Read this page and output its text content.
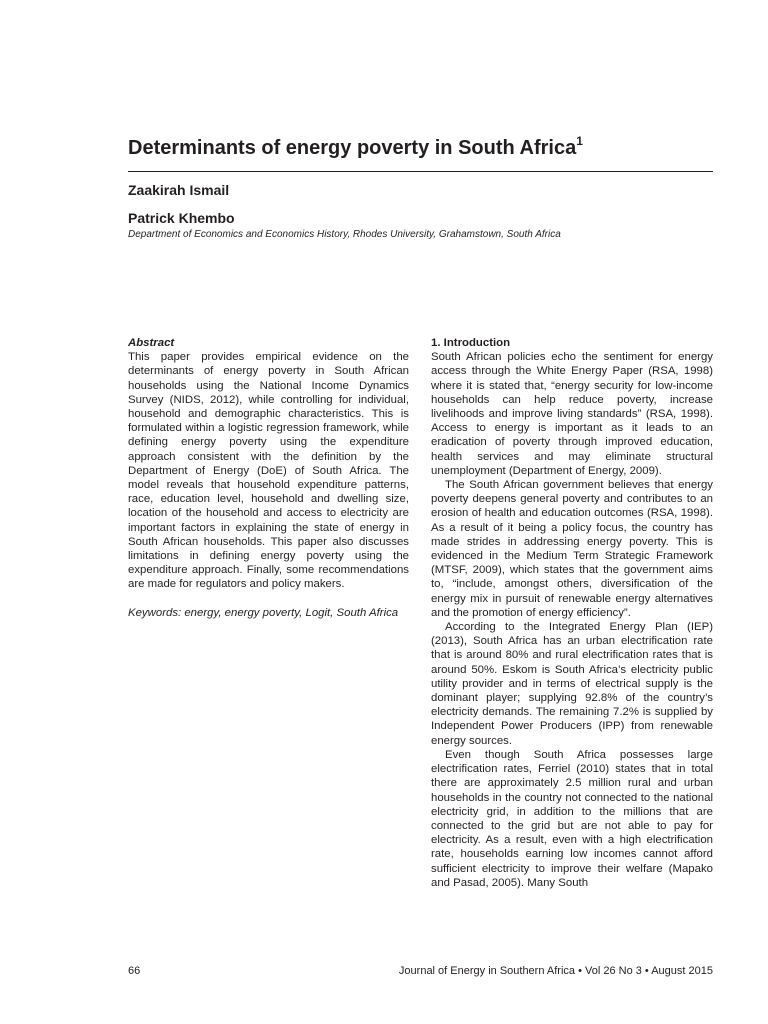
Determinants of energy poverty in South Africa$^1$
Zaakirah Ismail
Patrick Khembo
Department of Economics and Economics History, Rhodes University, Grahamstown, South Africa

Abstract

This paper provides empirical evidence on the determinants of energy poverty in South African households using the National Income Dynamics Survey (NIDS, 2012), while controlling for individual, household and demographic characteristics. This is formulated within a logistic regression framework, while defining energy poverty using the expenditure approach consistent with the definition by the Department of Energy (DoE) of South Africa. The model reveals that household expenditure patterns, race, education level, household and dwelling size, location of the household and access to electricity are important factors in explaining the state of energy in South African households. This paper also discusses limitations in defining energy poverty using the expenditure approach. Finally, some recommendations are made for regulators and policy makers.

Keywords: energy, energy poverty, Logit, South Africa

1. Introduction

South African policies echo the sentiment for energy access through the White Energy Paper (RSA, 1998) where it is stated that, “energy security for low-income households can help reduce poverty, increase livelihoods and improve living standards” (RSA, 1998). Access to energy is important as it leads to an eradication of poverty through improved education, health services and may eliminate structural unemployment (Department of Energy, 2009).

The South African government believes that energy poverty deepens general poverty and contributes to an erosion of health and education outcomes (RSA, 1998). As a result of it being a policy focus, the country has made strides in addressing energy poverty. This is evidenced in the Medium Term Strategic Framework (MTSF, 2009), which states that the government aims to, “include, amongst others, diversification of the energy mix in pursuit of renewable energy alternatives and the promotion of energy efficiency”.

According to the Integrated Energy Plan (IEP) (2013), South Africa has an urban electrification rate that is around 80% and rural electrification rates that is around 50%. Eskom is South Africa’s electricity public utility provider and in terms of electrical supply is the dominant player; supplying 92.8% of the country’s electricity demands. The remaining 7.2% is supplied by Independent Power Producers (IPP) from renewable energy sources.

Even though South Africa possesses large electrification rates, Ferriel (2010) states that in total there are approximately 2.5 million rural and urban households in the country not connected to the national electricity grid, in addition to the millions that are connected to the grid but are not able to pay for electricity. As a result, even with a high electrification rate, households earning low incomes cannot afford sufficient electricity to improve their welfare (Mapako and Pasad, 2005). Many South

66	Journal of Energy in Southern Africa • Vol 26 No 3 • August 2015
